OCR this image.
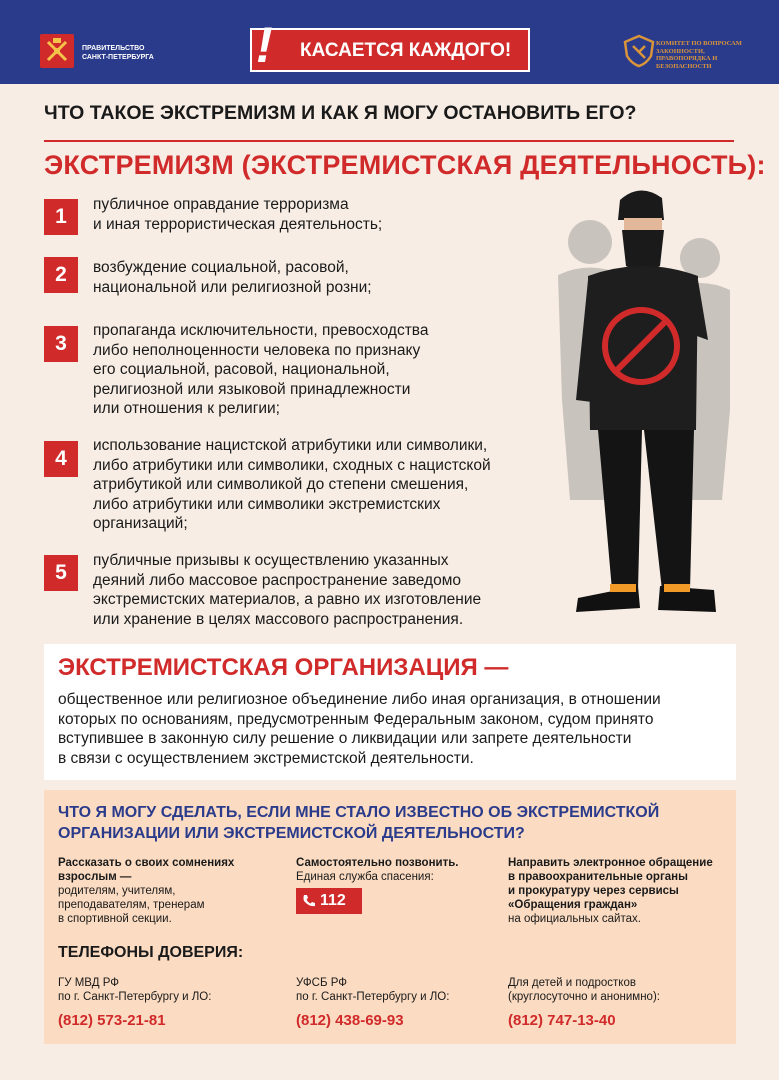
ПРАВИТЕЛЬСТВО САНКТ-ПЕТЕРБУРГА	КАСАЕТСЯ КАЖДОГО!
!	КОМИТЕТ ПО ВОПРОСАМ ЗАКОННОСТИ, ПРАВОПОРЯДКА И БЕЗОПАСНОСТИ
ЧТО ТАКОЕ ЭКСТРЕМИЗМ И КАК Я МОГУ ОСТАНОВИТЬ ЕГО?
ЭКСТРЕМИЗМ (ЭКСТРЕМИСТСКАЯ ДЕЯТЕЛЬНОСТЬ):
1
публичное оправдание терроризма
и иная террористическая деятельность;
2	возбуждение социальной, расовой,
национальной или религиозной розни;
3
пропаганда исключительности, превосходства
либо неполноценности человека по признаку
его социальной, расовой, национальной,
религиозной или языковой принадлежности
или отношения к религии;
4
использование нацистской атрибутики или символики,
либо атрибутики или символики, сходных с нацистской
атрибутикой или символикой до степени смешения,
либо атрибутики или символики экстремистских
организаций;
5
публичные призывы к осуществлению указанных
деяний либо массовое распространение заведомо
экстремистских материалов, а равно их изготовление
или хранение в целях массового распространения.
ЭКСТРЕМИСТСКАЯ ОРГАНИЗАЦИЯ —
общественное или религиозное объединение либо иная организация, в отношении
которых по основаниям, предусмотренным Федеральным законом, судом принято
вступившее в законную силу решение о ликвидации или запрете деятельности
в связи с осуществлением экстремистской деятельности.
ЧТО Я МОГУ СДЕЛАТЬ, ЕСЛИ МНЕ СТАЛО ИЗВЕСТНО ОБ ЭКСТРЕМИСТКОЙ
ОРГАНИЗАЦИИ ИЛИ ЭКСТРЕМИСТСКОЙ ДЕЯТЕЛЬНОСТИ?
Рассказать о своих сомнениях
взрослым —
родителям, учителям,
преподавателям, тренерам
в спортивной секции.
Самостоятельно позвонить.
Единая служба спасения:
112
Направить электронное обращение
в правоохранительные органы
и прокуратуру через сервисы
«Обращения граждан»
на официальных сайтах.
ТЕЛЕФОНЫ ДОВЕРИЯ:
ГУ МВД РФ
по г. Санкт-Петербургу и ЛО:
(812) 573-21-81
УФСБ РФ
по г. Санкт-Петербургу и ЛО:
(812) 438-69-93
Для детей и подростков
(круглосуточно и анонимно):
(812) 747-13-40
